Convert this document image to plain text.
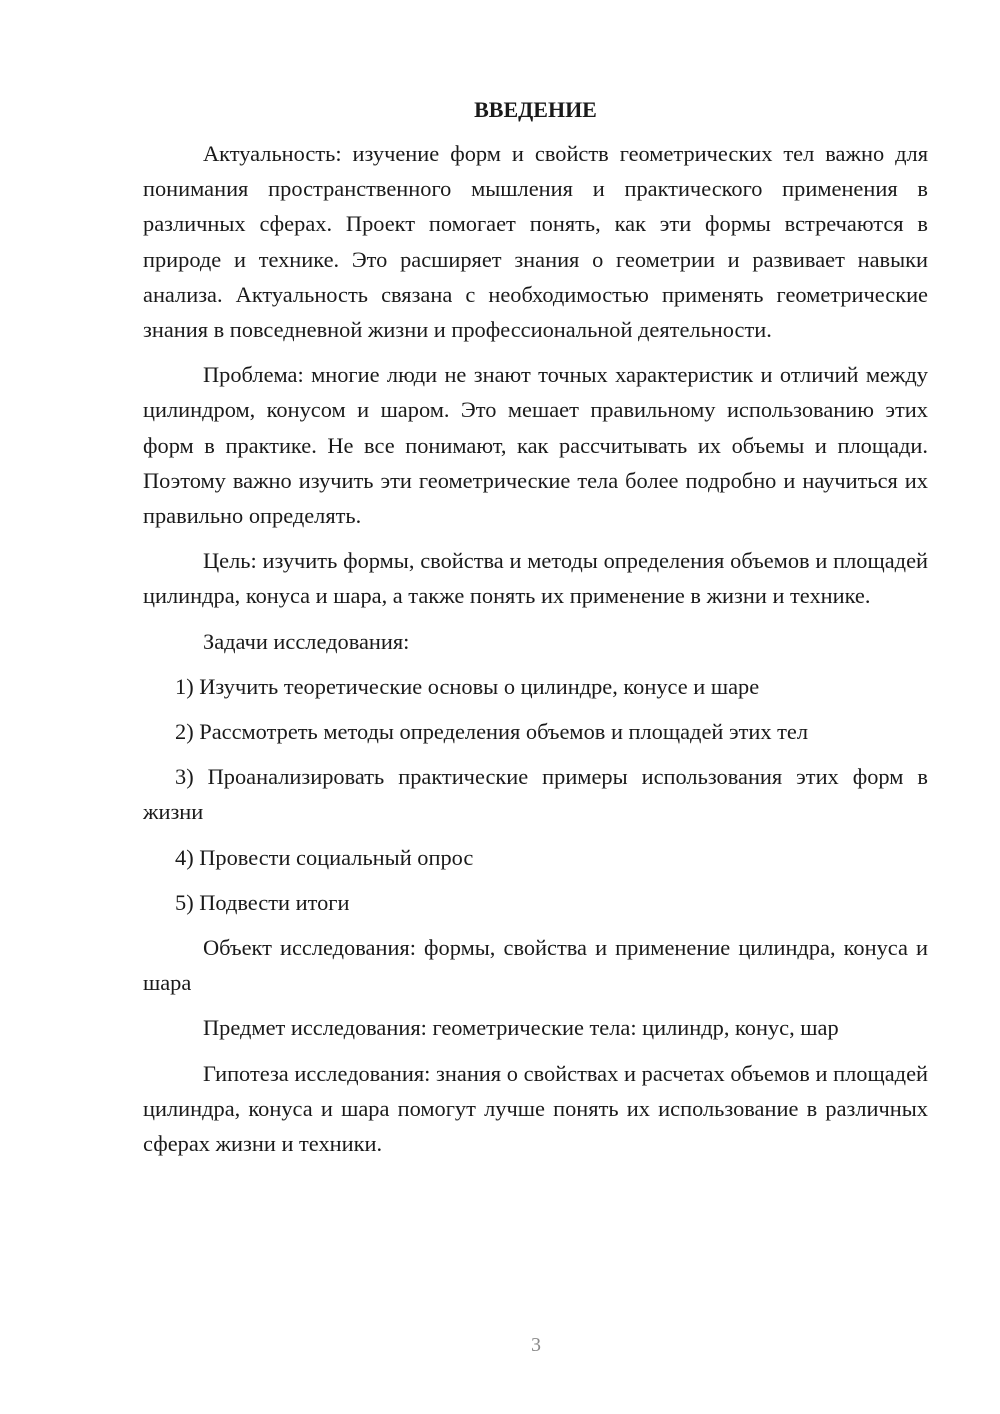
ВВЕДЕНИЕ

Актуальность: изучение форм и свойств геометрических тел важно для понимания пространственного мышления и практического применения в различных сферах. Проект помогает понять, как эти формы встречаются в природе и технике. Это расширяет знания о геометрии и развивает навыки анализа. Актуальность связана с необходимостью применять геометрические знания в повседневной жизни и профессиональной деятельности.

Проблема: многие люди не знают точных характеристик и отличий между цилиндром, конусом и шаром. Это мешает правильному использованию этих форм в практике. Не все понимают, как рассчитывать их объемы и площади. Поэтому важно изучить эти геометрические тела более подробно и научиться их правильно определять.

Цель: изучить формы, свойства и методы определения объемов и площадей цилиндра, конуса и шара, а также понять их применение в жизни и технике.

Задачи исследования:

1) Изучить теоретические основы о цилиндре, конусе и шаре

2) Рассмотреть методы определения объемов и площадей этих тел

3) Проанализировать практические примеры использования этих форм в жизни

4) Провести социальный опрос

5) Подвести итоги

Объект исследования: формы, свойства и применение цилиндра, конуса и шара

Предмет исследования: геометрические тела: цилиндр, конус, шар

Гипотеза исследования: знания о свойствах и расчетах объемов и площадей цилиндра, конуса и шара помогут лучше понять их использование в различных сферах жизни и техники.

3
